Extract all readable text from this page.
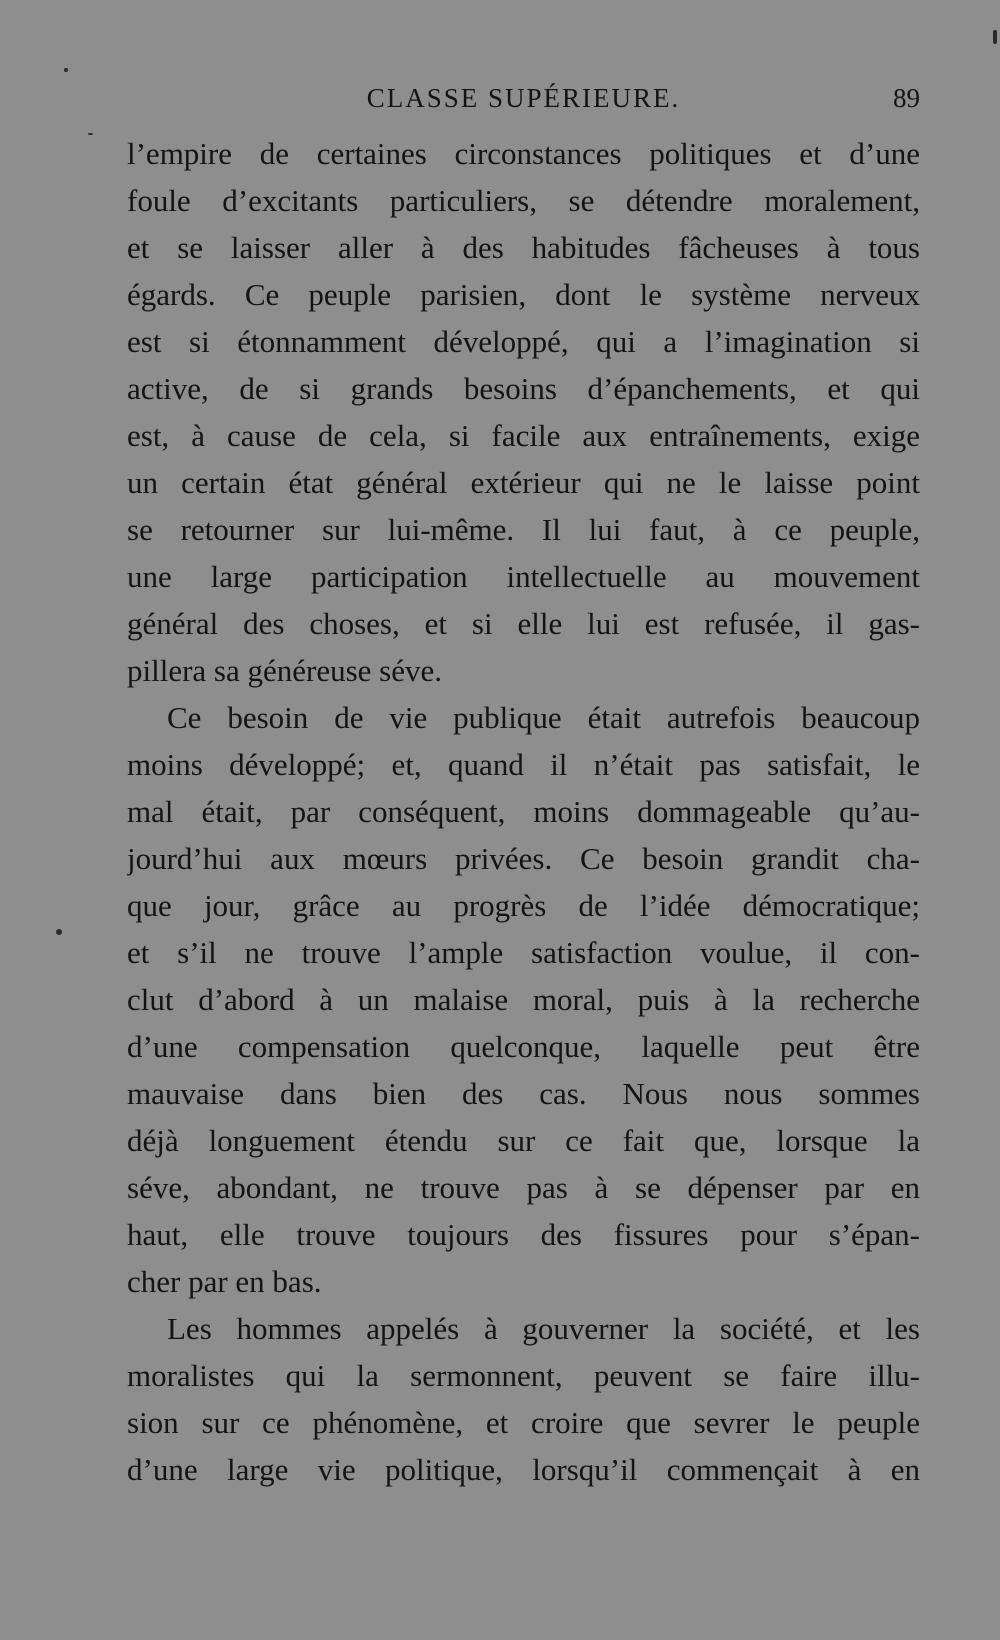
CLASSE SUPÉRIEURE.	89
l’empire de certaines circonstances politiques et d’une
foule d’excitants particuliers, se détendre moralement,
et se laisser aller à des habitudes fâcheuses à tous
égards. Ce peuple parisien, dont le système nerveux
est si étonnamment développé, qui a l’imagination si
active, de si grands besoins d’épanchements, et qui
est, à cause de cela, si facile aux entraînements, exige
un certain état général extérieur qui ne le laisse point
se retourner sur lui-même. Il lui faut, à ce peuple,
une large participation intellectuelle au mouvement
général des choses, et si elle lui est refusée, il gas-
pillera sa généreuse séve.
Ce besoin de vie publique était autrefois beaucoup
moins développé; et, quand il n’était pas satisfait, le
mal était, par conséquent, moins dommageable qu’au-
jourd’hui aux mœurs privées. Ce besoin grandit cha-
que jour, grâce au progrès de l’idée démocratique;
et s’il ne trouve l’ample satisfaction voulue, il con-
clut d’abord à un malaise moral, puis à la recherche
d’une compensation quelconque, laquelle peut être
mauvaise dans bien des cas. Nous nous sommes
déjà longuement étendu sur ce fait que, lorsque la
séve, abondant, ne trouve pas à se dépenser par en
haut, elle trouve toujours des fissures pour s’épan-
cher par en bas.
Les hommes appelés à gouverner la société, et les
moralistes qui la sermonnent, peuvent se faire illu-
sion sur ce phénomène, et croire que sevrer le peuple
d’une large vie politique, lorsqu’il commençait à en
